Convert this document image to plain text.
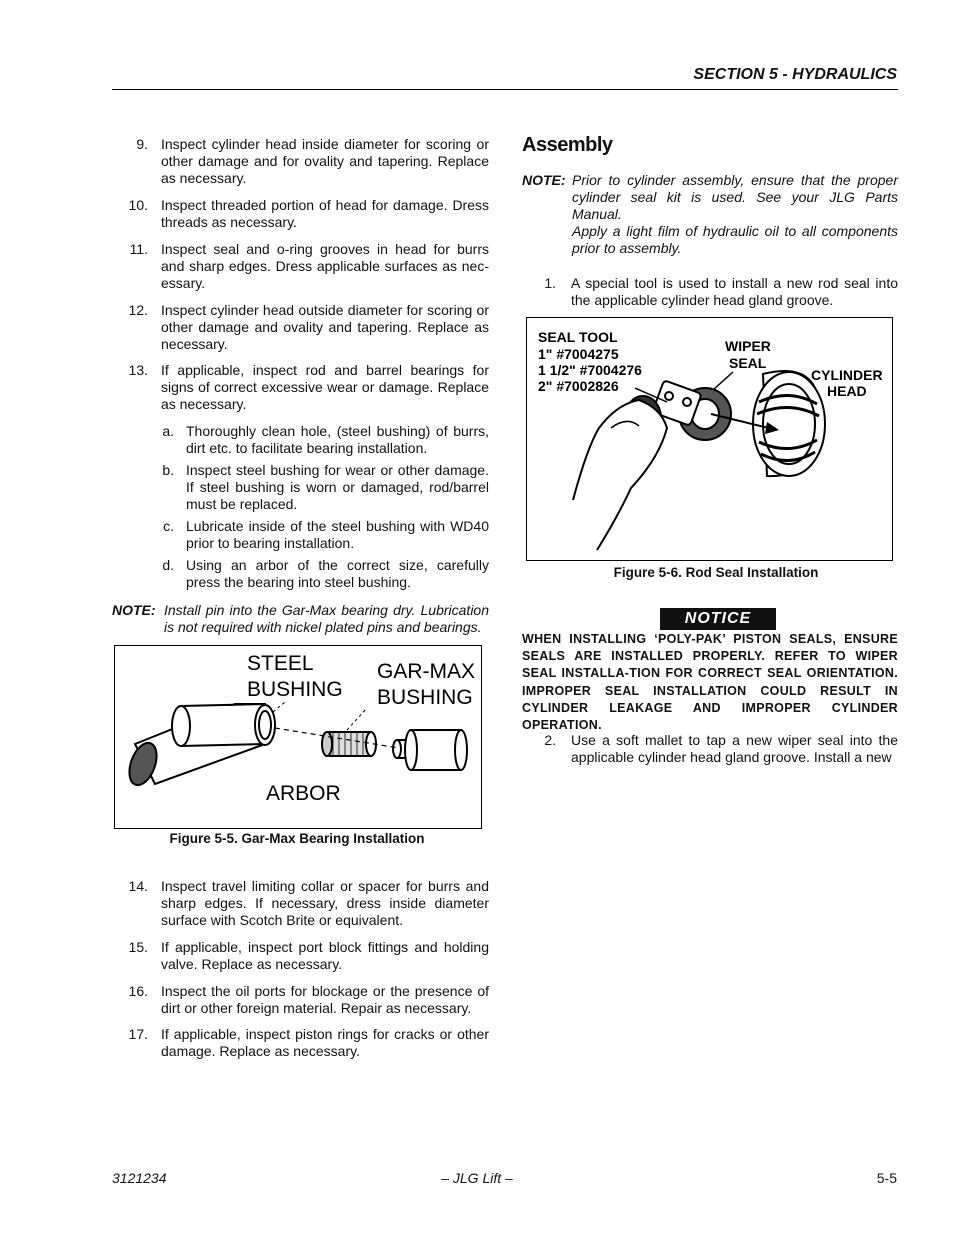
SECTION 5 - HYDRAULICS
9. Inspect cylinder head inside diameter for scoring or other damage and for ovality and tapering. Replace as necessary.
10. Inspect threaded portion of head for damage. Dress threads as necessary.
11. Inspect seal and o-ring grooves in head for burrs and sharp edges. Dress applicable surfaces as nec-essary.
12. Inspect cylinder head outside diameter for scoring or other damage and ovality and tapering. Replace as necessary.
13. If applicable, inspect rod and barrel bearings for signs of correct excessive wear or damage. Replace as necessary.
a. Thoroughly clean hole, (steel bushing) of burrs, dirt etc. to facilitate bearing installation.
b. Inspect steel bushing for wear or other damage. If steel bushing is worn or damaged, rod/barrel must be replaced.
c. Lubricate inside of the steel bushing with WD40 prior to bearing installation.
d. Using an arbor of the correct size, carefully press the bearing into steel bushing.
NOTE: Install pin into the Gar-Max bearing dry. Lubrication is not required with nickel plated pins and bearings.
STEEL
BUSHING
GAR-MAX
BUSHING
ARBOR
Figure 5-5. Gar-Max Bearing Installation
14. Inspect travel limiting collar or spacer for burrs and sharp edges. If necessary, dress inside diameter surface with Scotch Brite or equivalent.
15. If applicable, inspect port block fittings and holding valve. Replace as necessary.
16. Inspect the oil ports for blockage or the presence of dirt or other foreign material. Repair as necessary.
17. If applicable, inspect piston rings for cracks or other damage. Replace as necessary.
Assembly
NOTE: Prior to cylinder assembly, ensure that the proper cylinder seal kit is used. See your JLG Parts Manual.
Apply a light film of hydraulic oil to all components prior to assembly.
1. A special tool is used to install a new rod seal into the applicable cylinder head gland groove.
SEAL TOOL
1" #7004275
1 1/2" #7004276
2" #7002826
WIPER
SEAL
CYLINDER
HEAD
Figure 5-6. Rod Seal Installation
NOTICE
WHEN INSTALLING ‘POLY-PAK’ PISTON SEALS, ENSURE SEALS ARE INSTALLED PROPERLY. REFER TO WIPER SEAL INSTALLA-TION FOR CORRECT SEAL ORIENTATION. IMPROPER SEAL INSTALLATION COULD RESULT IN CYLINDER LEAKAGE AND IMPROPER CYLINDER OPERATION.
2. Use a soft mallet to tap a new wiper seal into the applicable cylinder head gland groove. Install a new
3121234	– JLG Lift –	5-5
